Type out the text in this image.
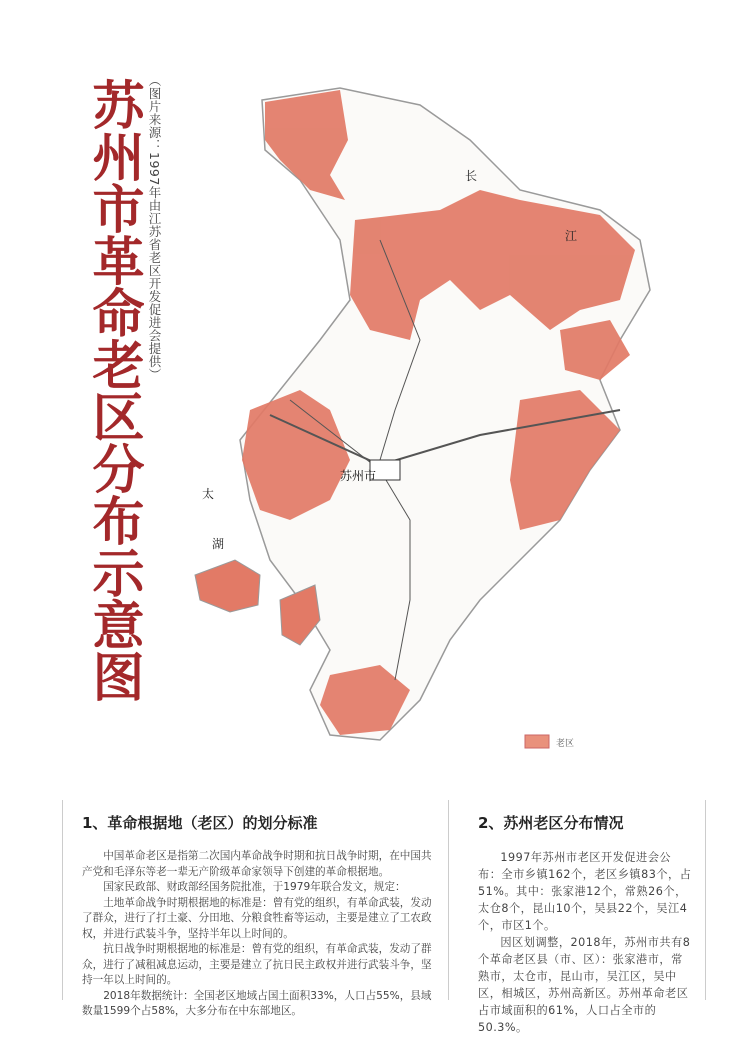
苏州市革命老区分布示意图 （图片来源：1997年由江苏省老区开发促进会提供）
苏州市
长
江
太
湖
老区
1、革命根据地（老区）的划分标准

中国革命老区是指第二次国内革命战争时期和抗日战争时期，在中国共产党和毛泽东等老一辈无产阶级革命家领导下创建的革命根据地。

国家民政部、财政部经国务院批准，于1979年联合发文，规定：

土地革命战争时期根据地的标准是：曾有党的组织，有革命武装，发动了群众，进行了打土豪、分田地、分粮食牲畜等运动，主要是建立了工农政权，并进行武装斗争，坚持半年以上时间的。

抗日战争时期根据地的标准是：曾有党的组织，有革命武装，发动了群众，进行了减租减息运动，主要是建立了抗日民主政权并进行武装斗争，坚持一年以上时间的。

2018年数据统计：全国老区地域占国土面积33%，人口占55%，县域数量1599个占58%，大多分布在中东部地区。

2、苏州老区分布情况

1997年苏州市老区开发促进会公布：全市乡镇162个，老区乡镇83个，占51%。其中：张家港12个，常熟26个，太仓8个，昆山10个，吴县22个，吴江4个，市区1个。

因区划调整，2018年，苏州市共有8个革命老区县（市、区）：张家港市，常熟市，太仓市，昆山市，吴江区，吴中区，相城区，苏州高新区。苏州革命老区占市域面积的61%，人口占全市的50.3%。
